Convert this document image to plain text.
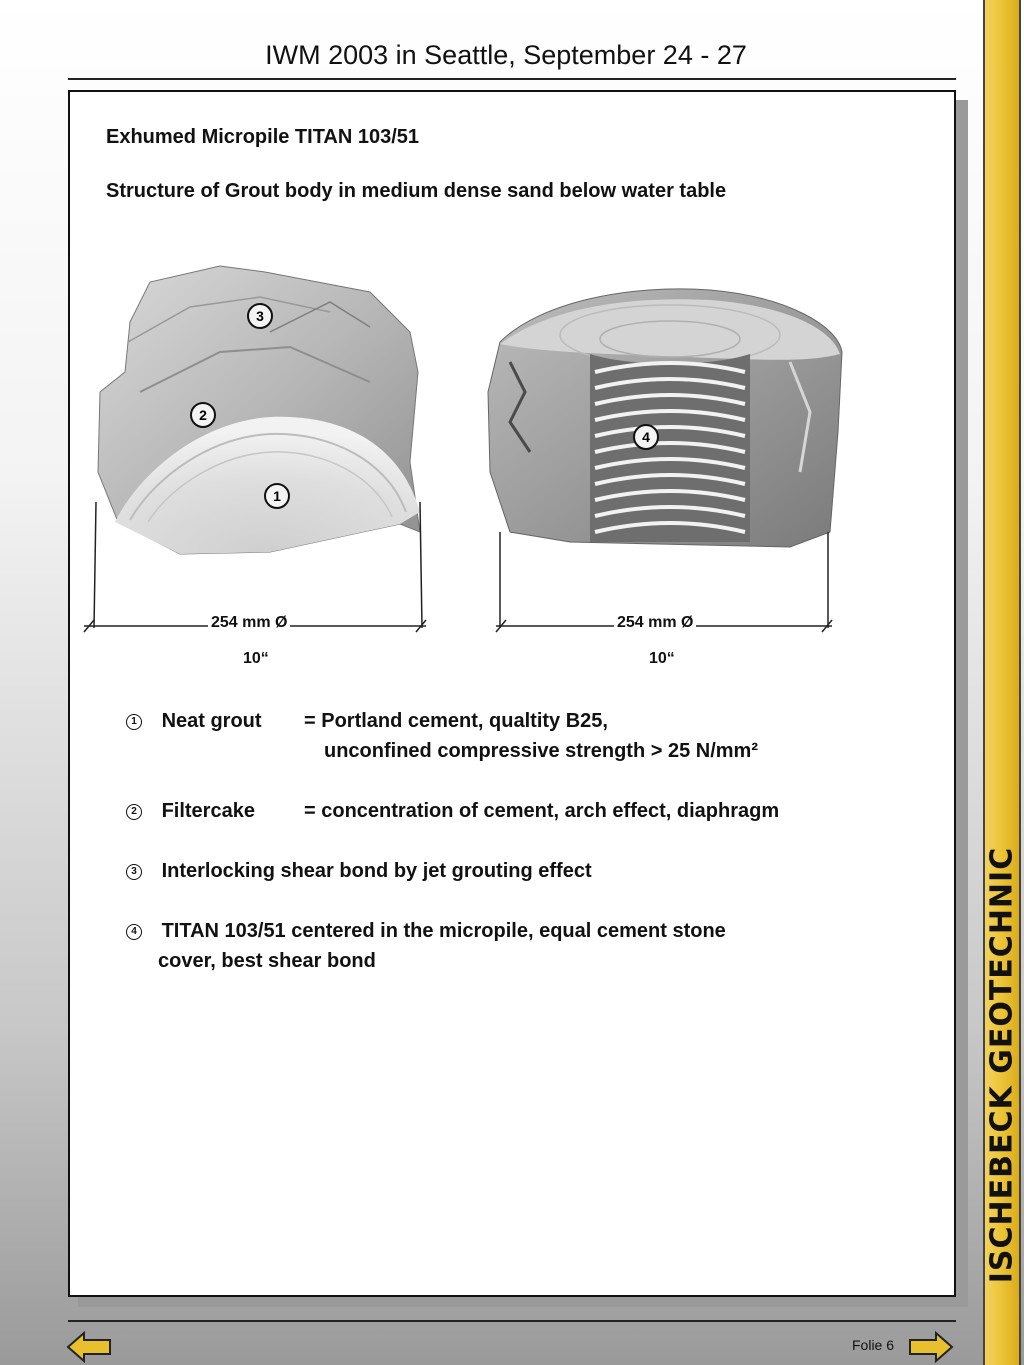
IWM 2003 in Seattle, September 24 - 27
ISCHEBECK GEOTECHNIC
Exhumed Micropile TITAN 103/51
Structure of Grout body in medium dense sand below water table
3
2
1
4
254 mm Ø
10“
254 mm Ø
10“
1 Neat grout = Portland cement, qualtity B25,
unconfined compressive strength > 25 N/mm²
2 Filtercake = concentration of cement, arch effect, diaphragm
3 Interlocking shear bond by jet grouting effect
4 TITAN 103/51 centered in the micropile, equal cement stone
cover, best shear bond
Folie 6
